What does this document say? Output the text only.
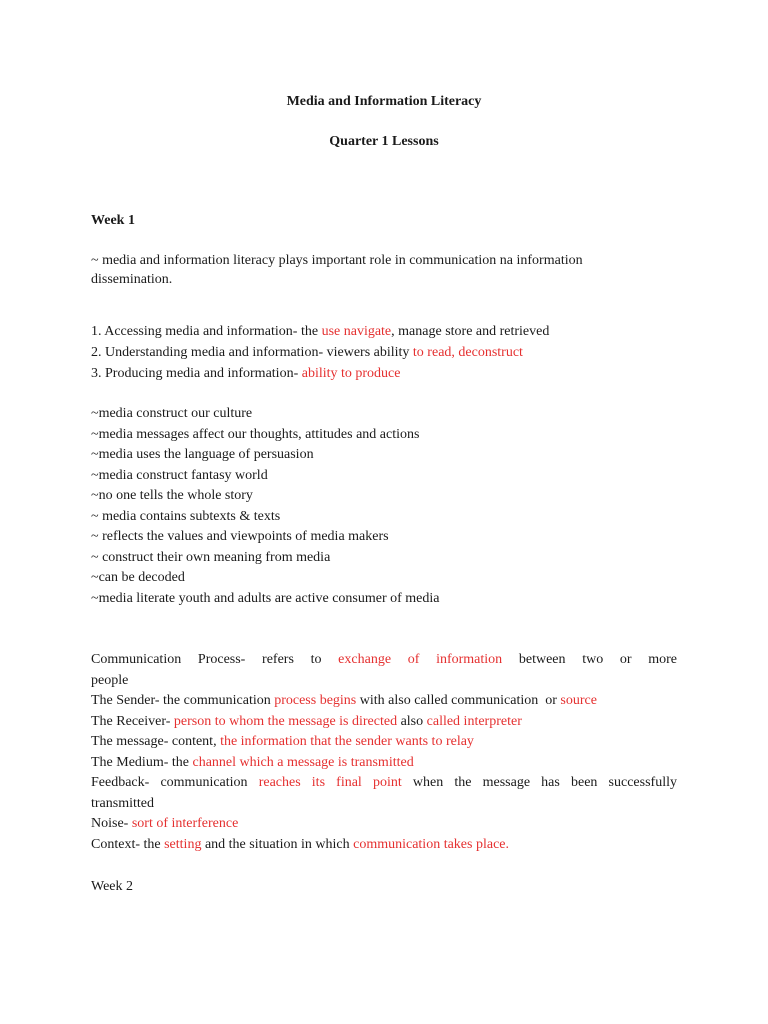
Media and Information Literacy
Quarter 1 Lessons
Week 1
~ media and information literacy plays important role in communication na information
dissemination.
1. Accessing media and information- the use navigate, manage store and retrieved
2. Understanding media and information- viewers ability to read, deconstruct
3. Producing media and information- ability to produce
~media construct our culture
~media messages affect our thoughts, attitudes and actions
~media uses the language of persuasion
~media construct fantasy world
~no one tells the whole story
~ media contains subtexts & texts
~ reflects the values and viewpoints of media makers
~ construct their own meaning from media
~can be decoded
~media literate youth and adults are active consumer of media
Communication Process- refers to exchange of information between two or more
people
The Sender- the communication process begins with also called communication  or source
The Receiver- person to whom the message is directed also called interpreter
The message- content, the information that the sender wants to relay
The Medium- the channel which a message is transmitted
Feedback- communication reaches its final point when the message has been successfully
transmitted
Noise- sort of interference
Context- the setting and the situation in which communication takes place.
Week 2
